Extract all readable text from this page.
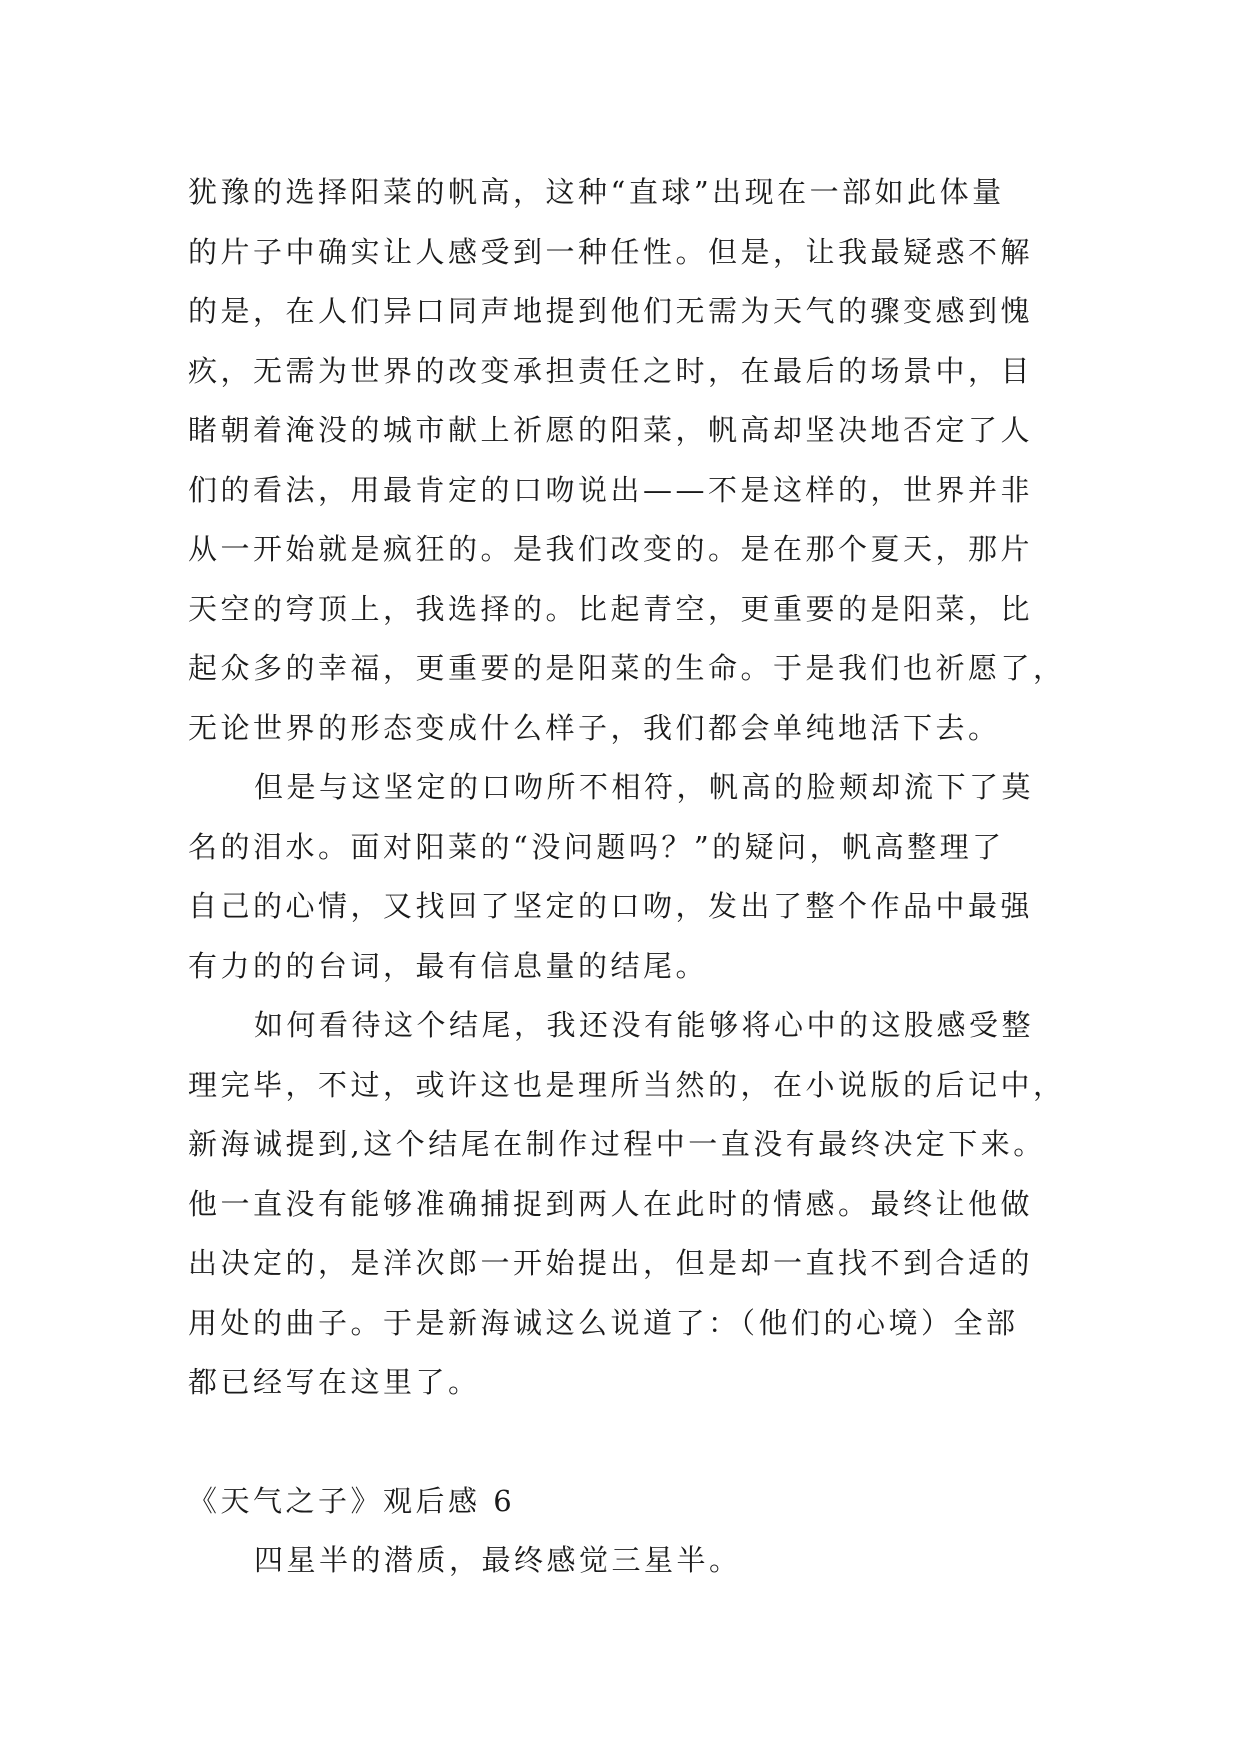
犹豫的选择阳菜的帆高，这种“直球”出现在一部如此体量
的片子中确实让人感受到一种任性。但是，让我最疑惑不解
的是，在人们异口同声地提到他们无需为天气的骤变感到愧
疚，无需为世界的改变承担责任之时，在最后的场景中，目
睹朝着淹没的城市献上祈愿的阳菜，帆高却坚决地否定了人
们的看法，用最肯定的口吻说出——不是这样的，世界并非
从一开始就是疯狂的。是我们改变的。是在那个夏天，那片
天空的穹顶上，我选择的。比起青空，更重要的是阳菜，比
起众多的幸福，更重要的是阳菜的生命。于是我们也祈愿了，
无论世界的形态变成什么样子，我们都会单纯地活下去。
但是与这坚定的口吻所不相符，帆高的脸颊却流下了莫
名的泪水。面对阳菜的“没问题吗？”的疑问，帆高整理了
自己的心情，又找回了坚定的口吻，发出了整个作品中最强
有力的的台词，最有信息量的结尾。
如何看待这个结尾，我还没有能够将心中的这股感受整
理完毕，不过，或许这也是理所当然的，在小说版的后记中，
新海诚提到,这个结尾在制作过程中一直没有最终决定下来。
他一直没有能够准确捕捉到两人在此时的情感。最终让他做
出决定的，是洋次郎一开始提出，但是却一直找不到合适的
用处的曲子。于是新海诚这么说道了：（他们的心境）全部
都已经写在这里了。
《天气之子》观后感 6
四星半的潜质，最终感觉三星半。
